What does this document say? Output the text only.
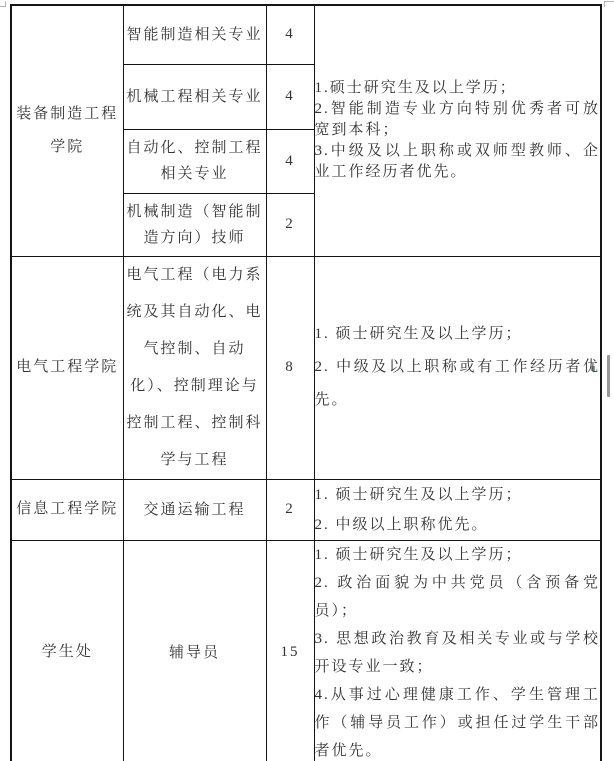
装备制造工程学院	智能制造相关专业	4	1.硕士研究生及以上学历；
2.智能制造专业方向特别优秀者可放宽到本科；
3.中级及以上职称或双师型教师、企业工作经历者优先。

	机械工程相关专业	4	
	自动化、控制工程相关专业	4	
	机械制造（智能制造方向）技师	2	
电气工程学院	电气工程（电力系统及其自动化、电气控制、自动化）、控制理论与控制工程、控制科学与工程	8	1. 硕士研究生及以上学历；
2. 中级及以上职称或有工作经历者优先。

信息工程学院	交通运输工程	2	1. 硕士研究生及以上学历；
2. 中级以上职称优先。

学生处	辅导员	15	1. 硕士研究生及以上学历；
2. 政治面貌为中共党员（含预备党员）；
3. 思想政治教育及相关专业或与学校开设专业一致；
4.从事过心理健康工作、学生管理工作（辅导员工作）或担任过学生干部者优先。
